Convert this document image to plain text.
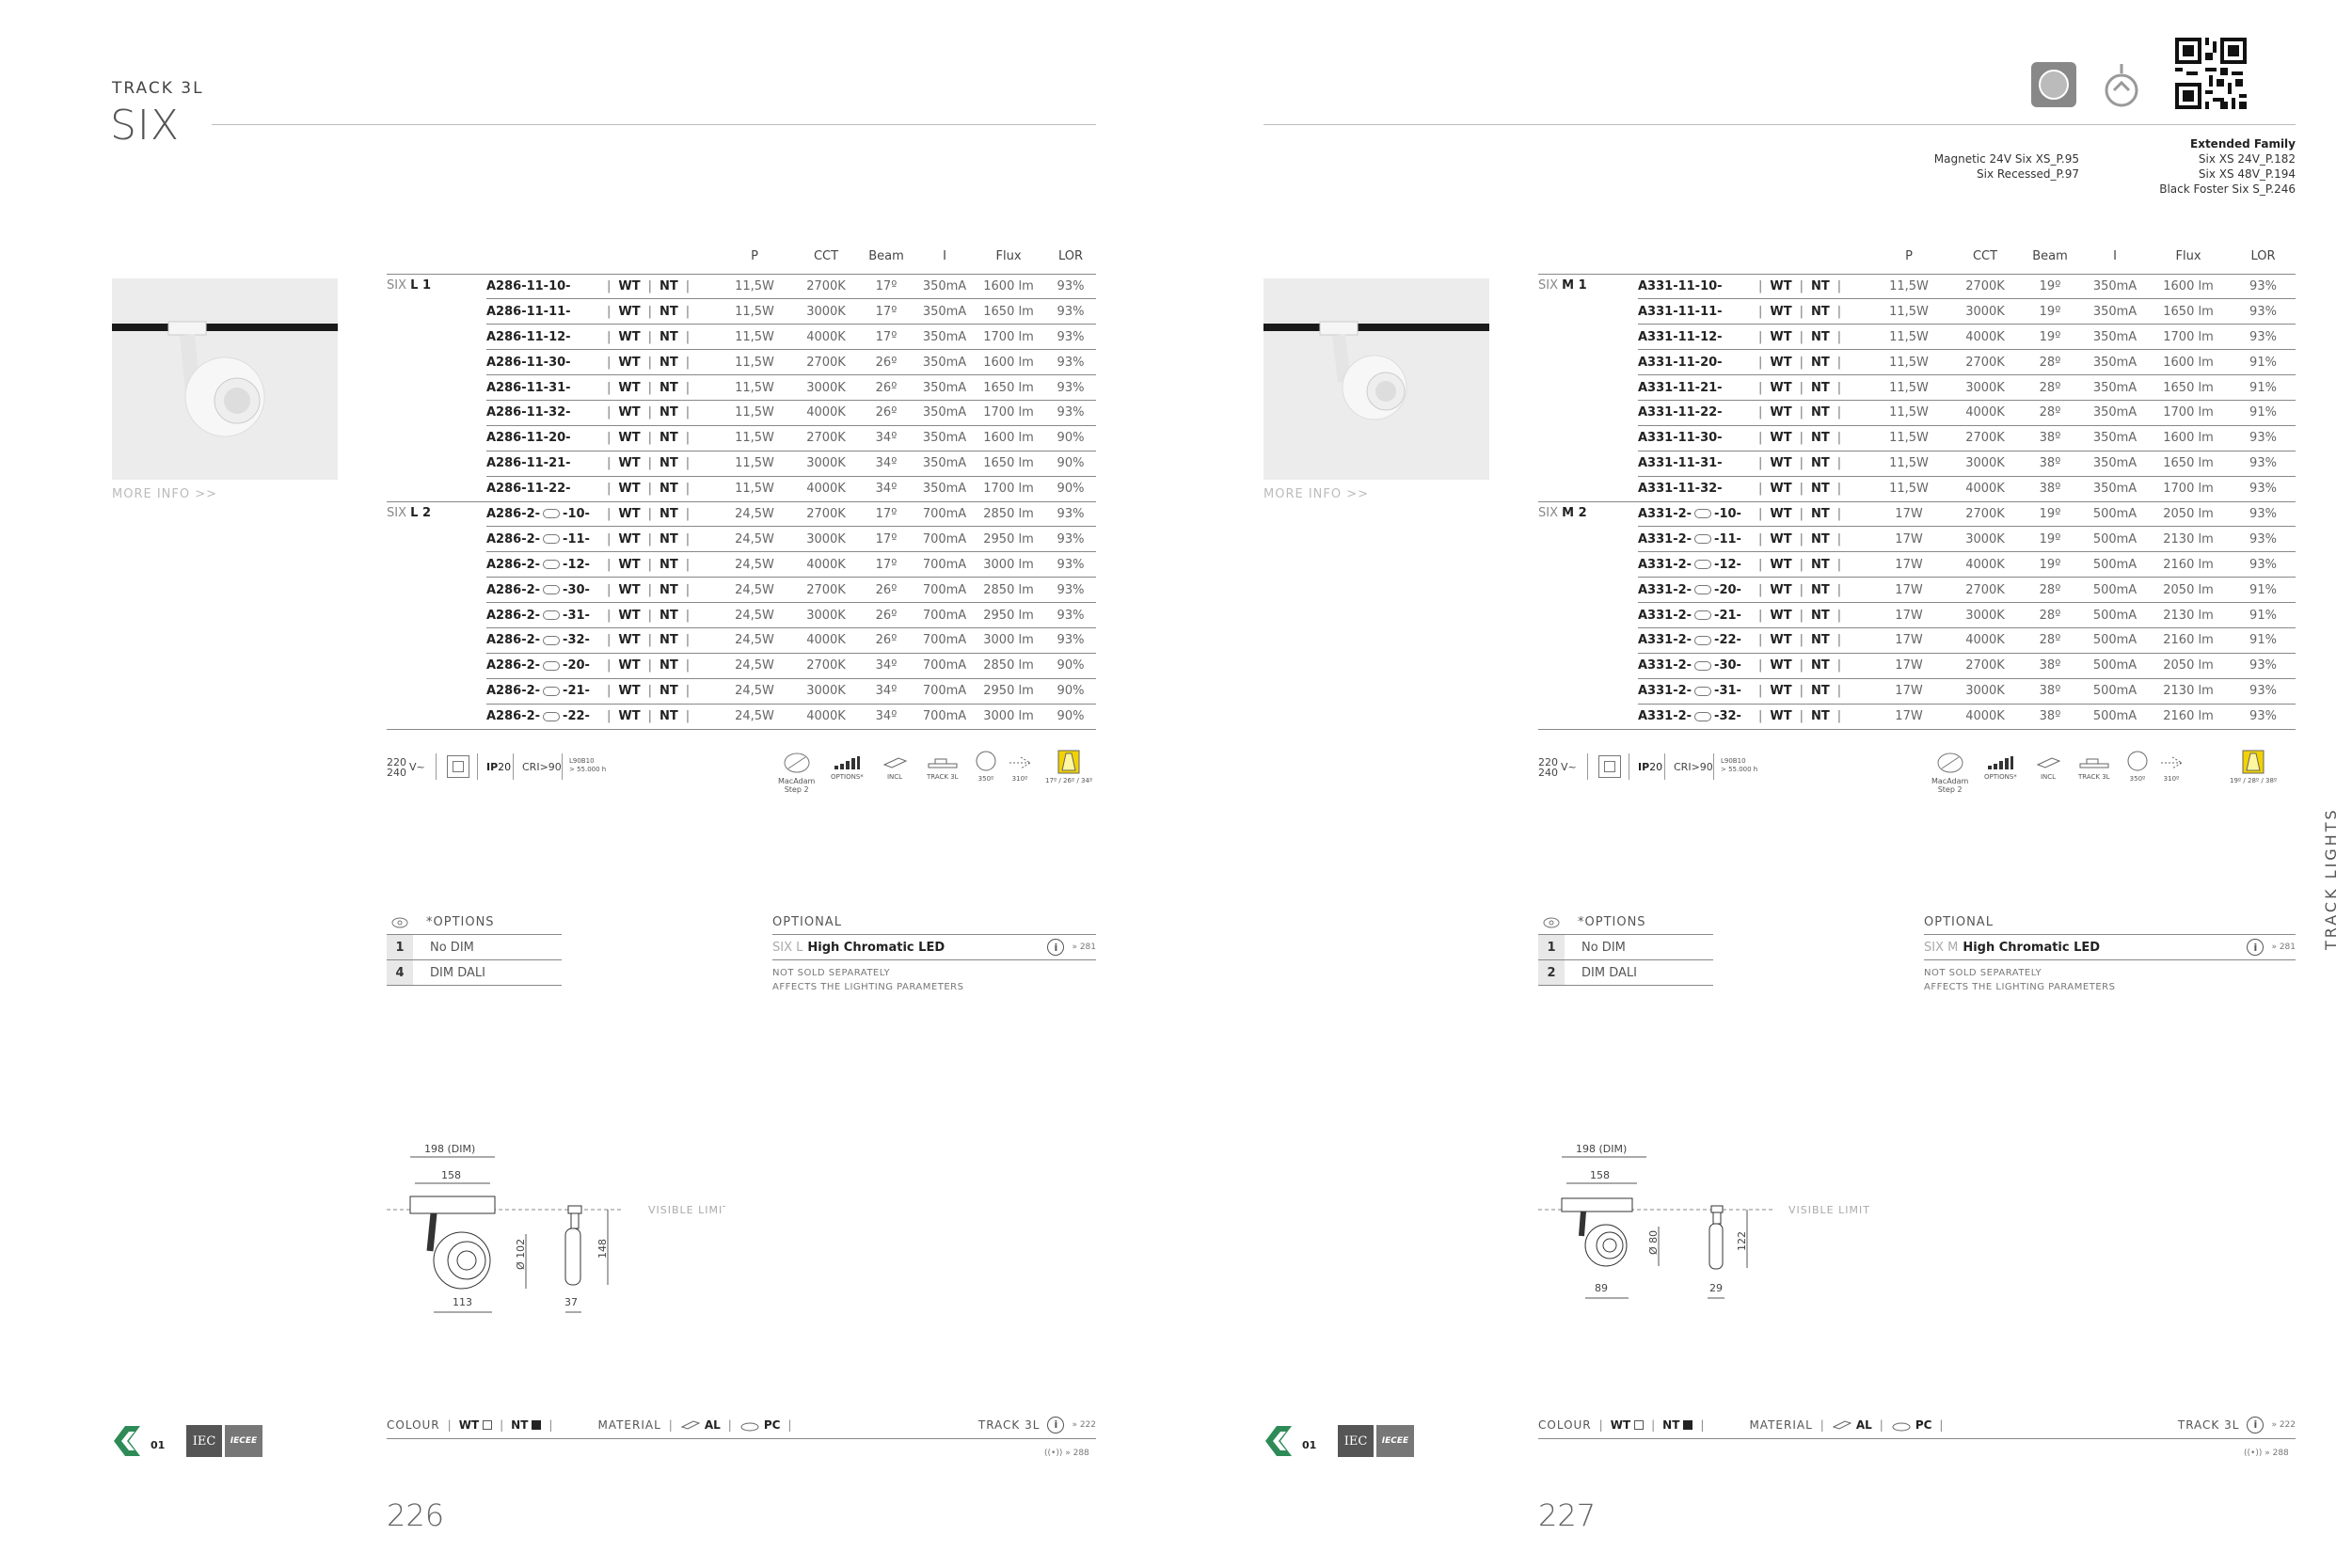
TRACK 3L
SIX
MORE INFO >>
			P	CCT	Beam	I	Flux	LOR
SIX L 1	A286-11-10-	| WT | NT |	11,5W	2700K	17º	350mA	1600 lm	93%
	A286-11-11-	| WT | NT |	11,5W	3000K	17º	350mA	1650 lm	93%
	A286-11-12-	| WT | NT |	11,5W	4000K	17º	350mA	1700 lm	93%
	A286-11-30-	| WT | NT |	11,5W	2700K	26º	350mA	1600 lm	93%
	A286-11-31-	| WT | NT |	11,5W	3000K	26º	350mA	1650 lm	93%
	A286-11-32-	| WT | NT |	11,5W	4000K	26º	350mA	1700 lm	93%
	A286-11-20-	| WT | NT |	11,5W	2700K	34º	350mA	1600 lm	90%
	A286-11-21-	| WT | NT |	11,5W	3000K	34º	350mA	1650 lm	90%
	A286-11-22-	| WT | NT |	11,5W	4000K	34º	350mA	1700 lm	90%
SIX L 2	A286-2- -10-	| WT | NT |	24,5W	2700K	17º	700mA	2850 lm	93%
	A286-2- -11-	| WT | NT |	24,5W	3000K	17º	700mA	2950 lm	93%
	A286-2- -12-	| WT | NT |	24,5W	4000K	17º	700mA	3000 lm	93%
	A286-2- -30-	| WT | NT |	24,5W	2700K	26º	700mA	2850 lm	93%
	A286-2- -31-	| WT | NT |	24,5W	3000K	26º	700mA	2950 lm	93%
	A286-2- -32-	| WT | NT |	24,5W	4000K	26º	700mA	3000 lm	93%
	A286-2- -20-	| WT | NT |	24,5W	2700K	34º	700mA	2850 lm	90%
	A286-2- -21-	| WT | NT |	24,5W	3000K	34º	700mA	2950 lm	90%
	A286-2- -22-	| WT | NT |	24,5W	4000K	34º	700mA	3000 lm	90%
220
240 V~	IP20 CRI>90 L90B10
> 55.000 h
MacAdam
Step 2
OPTIONS*	INCL	TRACK 3L	350º	310º	17º / 26º / 34º
*OPTIONS
1	No DIM
4	DIM DALI
OPTIONAL
SIX L High Chromatic LED	i	» 281
NOT SOLD SEPARATELY
AFFECTS THE LIGHTING PARAMETERS
198 (DIM)
158
Ø 102
113	37
148
VISIBLE LIMIT
01	IEC	IECEE
COLOUR | WT	| NT	|	MATERIAL |	AL |	PC |	TRACK 3L	i	» 222
((•)) » 288
226
Extended Family
Six XS 24V_P.182
Six XS 48V_P.194
Black Foster Six S_P.246
Magnetic 24V Six XS_P.95
Six Recessed_P.97
MORE INFO >>
			P	CCT	Beam	I	Flux	LOR
SIX M 1	A331-11-10-	| WT | NT |	11,5W	2700K	19º	350mA	1600 lm	93%
	A331-11-11-	| WT | NT |	11,5W	3000K	19º	350mA	1650 lm	93%
	A331-11-12-	| WT | NT |	11,5W	4000K	19º	350mA	1700 lm	93%
	A331-11-20-	| WT | NT |	11,5W	2700K	28º	350mA	1600 lm	91%
	A331-11-21-	| WT | NT |	11,5W	3000K	28º	350mA	1650 lm	91%
	A331-11-22-	| WT | NT |	11,5W	4000K	28º	350mA	1700 lm	91%
	A331-11-30-	| WT | NT |	11,5W	2700K	38º	350mA	1600 lm	93%
	A331-11-31-	| WT | NT |	11,5W	3000K	38º	350mA	1650 lm	93%
	A331-11-32-	| WT | NT |	11,5W	4000K	38º	350mA	1700 lm	93%
SIX M 2	A331-2- -10-	| WT | NT |	17W	2700K	19º	500mA	2050 lm	93%
	A331-2- -11-	| WT | NT |	17W	3000K	19º	500mA	2130 lm	93%
	A331-2- -12-	| WT | NT |	17W	4000K	19º	500mA	2160 lm	93%
	A331-2- -20-	| WT | NT |	17W	2700K	28º	500mA	2050 lm	91%
	A331-2- -21-	| WT | NT |	17W	3000K	28º	500mA	2130 lm	91%
	A331-2- -22-	| WT | NT |	17W	4000K	28º	500mA	2160 lm	91%
	A331-2- -30-	| WT | NT |	17W	2700K	38º	500mA	2050 lm	93%
	A331-2- -31-	| WT | NT |	17W	3000K	38º	500mA	2130 lm	93%
	A331-2- -32-	| WT | NT |	17W	4000K	38º	500mA	2160 lm	93%
220
240 V~	IP20 CRI>90 L90B10
> 55.000 h
MacAdam
Step 2
OPTIONS*	INCL	TRACK 3L	350º	310º	19º / 28º / 38º
*OPTIONS
1	No DIM
2	DIM DALI
OPTIONAL
SIX M High Chromatic LED	i	» 281
NOT SOLD SEPARATELY
AFFECTS THE LIGHTING PARAMETERS
198 (DIM)
158
Ø 80
89	29
122
VISIBLE LIMIT
01	IEC	IECEE
COLOUR | WT	| NT	|	MATERIAL |	AL |	PC |	TRACK 3L	i	» 222
((•)) » 288
227
TRACK LIGHTS
